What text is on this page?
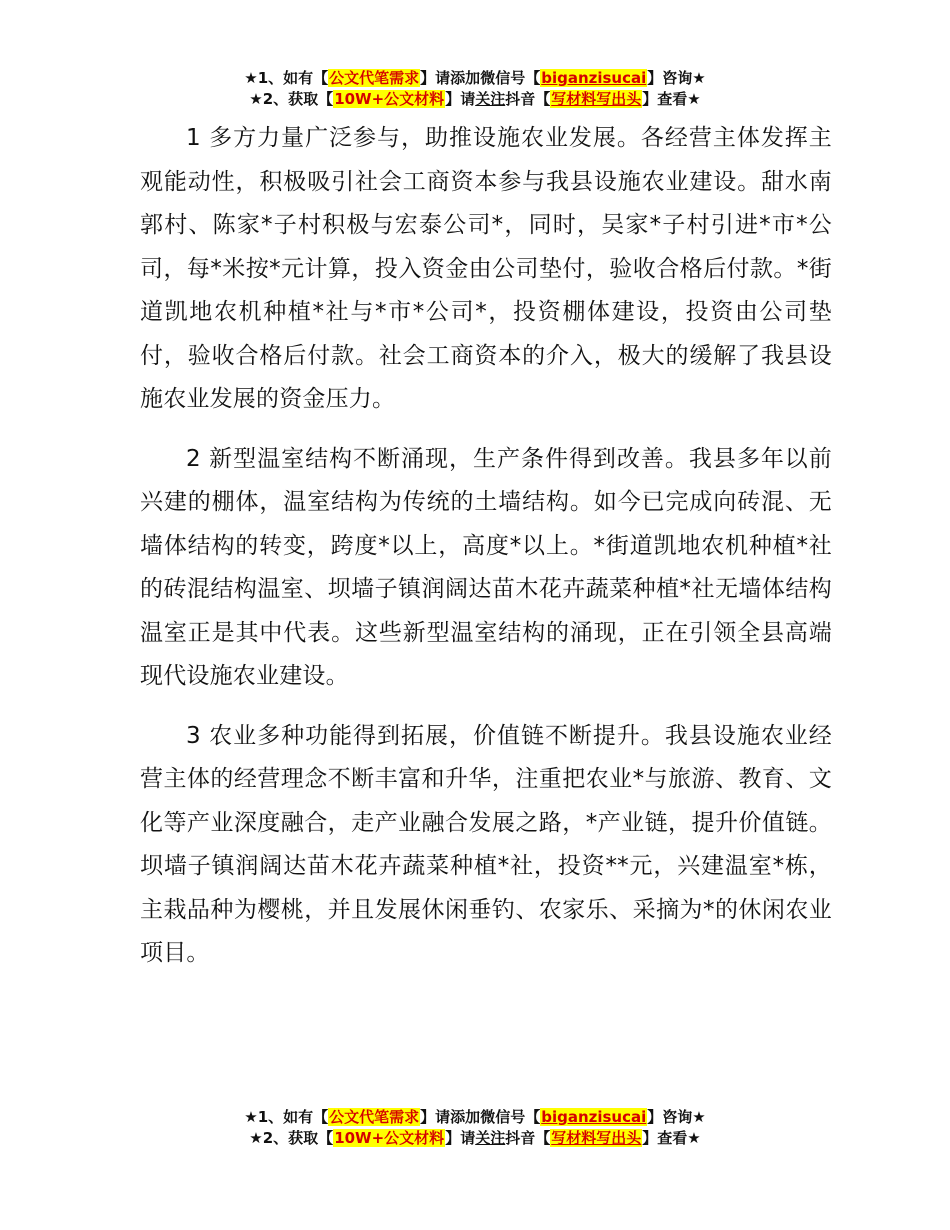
★1、如有【公文代笔需求】请添加微信号【biganzisucai】咨询★
★2、获取【10W+公文材料】请关注抖音【写材料写出头】查看★

1 多方力量广泛参与，助推设施农业发展。各经营主体发挥主观能动性，积极吸引社会工商资本参与我县设施农业建设。甜水南郭村、陈家*子村积极与宏泰公司*，同时，吴家*子村引进*市*公司，每*米按*元计算，投入资金由公司垫付，验收合格后付款。*街道凯地农机种植*社与*市*公司*，投资棚体建设，投资由公司垫付，验收合格后付款。社会工商资本的介入，极大的缓解了我县设施农业发展的资金压力。

2 新型温室结构不断涌现，生产条件得到改善。我县多年以前兴建的棚体，温室结构为传统的土墙结构。如今已完成向砖混、无墙体结构的转变，跨度*以上，高度*以上。*街道凯地农机种植*社的砖混结构温室、坝墙子镇润阔达苗木花卉蔬菜种植*社无墙体结构温室正是其中代表。这些新型温室结构的涌现，正在引领全县高端现代设施农业建设。

3 农业多种功能得到拓展，价值链不断提升。我县设施农业经营主体的经营理念不断丰富和升华，注重把农业*与旅游、教育、文化等产业深度融合，走产业融合发展之路，*产业链，提升价值链。坝墙子镇润阔达苗木花卉蔬菜种植*社，投资**元，兴建温室*栋，主栽品种为樱桃，并且发展休闲垂钓、农家乐、采摘为*的休闲农业项目。

★1、如有【公文代笔需求】请添加微信号【biganzisucai】咨询★
★2、获取【10W+公文材料】请关注抖音【写材料写出头】查看★
